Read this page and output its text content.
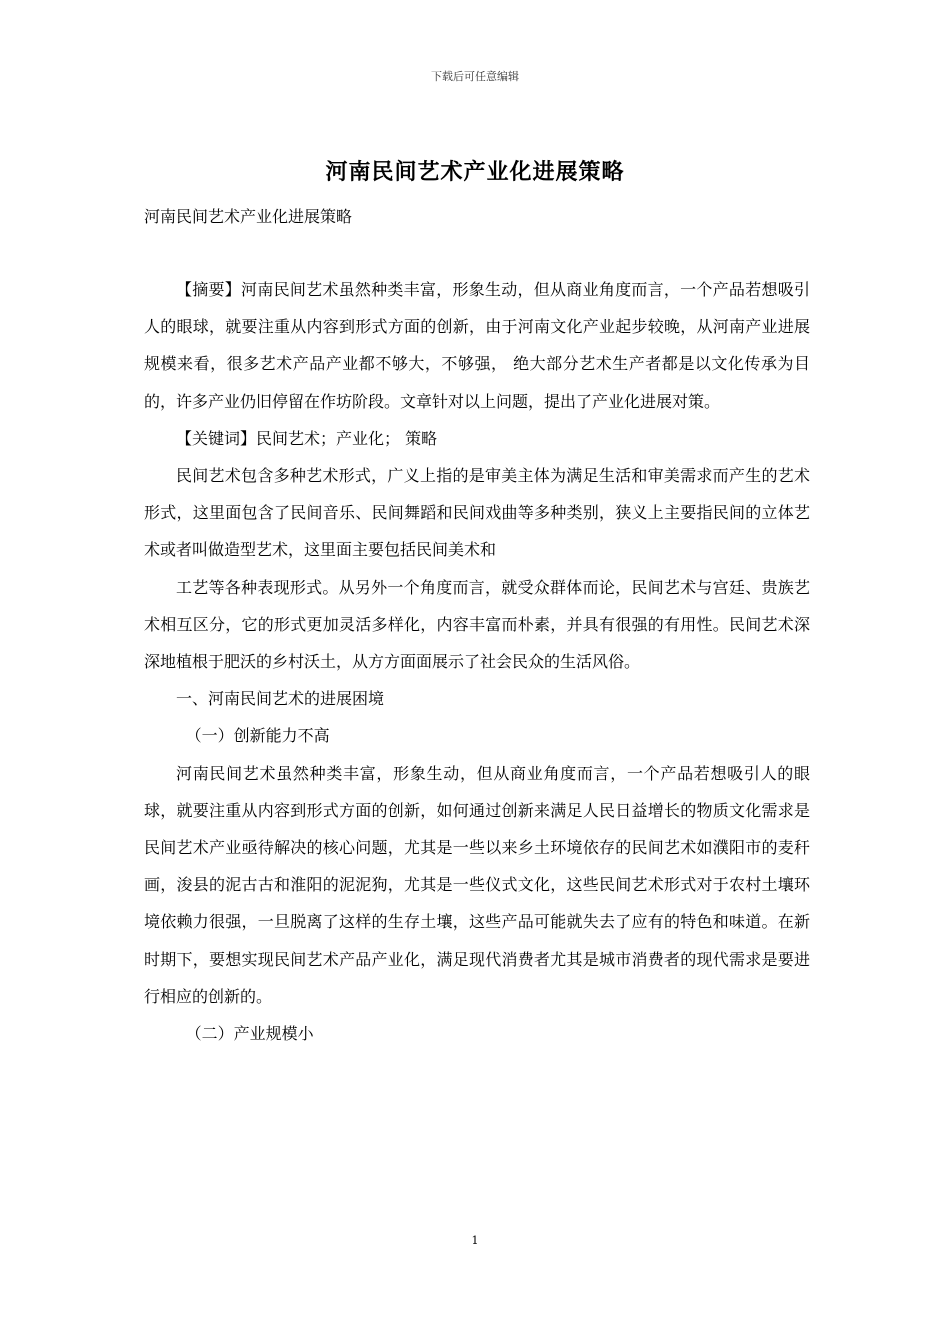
下载后可任意编辑
河南民间艺术产业化进展策略
河南民间艺术产业化进展策略

【摘要】河南民间艺术虽然种类丰富，形象生动，但从商业角度而言，一个产品若想吸引人的眼球，就要注重从内容到形式方面的创新，由于河南文化产业起步较晚，从河南产业进展规模来看，很多艺术产品产业都不够大，不够强， 绝大部分艺术生产者都是以文化传承为目的，许多产业仍旧停留在作坊阶段。文章针对以上问题，提出了产业化进展对策。

【关键词】民间艺术；产业化； 策略

民间艺术包含多种艺术形式，广义上指的是审美主体为满足生活和审美需求而产生的艺术形式，这里面包含了民间音乐、民间舞蹈和民间戏曲等多种类别，狭义上主要指民间的立体艺术或者叫做造型艺术，这里面主要包括民间美术和

工艺等各种表现形式。从另外一个角度而言，就受众群体而论，民间艺术与宫廷、贵族艺术相互区分，它的形式更加灵活多样化，内容丰富而朴素，并具有很强的有用性。民间艺术深深地植根于肥沃的乡村沃土，从方方面面展示了社会民众的生活风俗。

一、河南民间艺术的进展困境

（一）创新能力不高

河南民间艺术虽然种类丰富，形象生动，但从商业角度而言，一个产品若想吸引人的眼球，就要注重从内容到形式方面的创新，如何通过创新来满足人民日益增长的物质文化需求是民间艺术产业亟待解决的核心问题，尤其是一些以来乡土环境依存的民间艺术如濮阳市的麦秆画，浚县的泥古古和淮阳的泥泥狗，尤其是一些仪式文化，这些民间艺术形式对于农村土壤环境依赖力很强，一旦脱离了这样的生存土壤，这些产品可能就失去了应有的特色和味道。在新时期下，要想实现民间艺术产品产业化，满足现代消费者尤其是城市消费者的现代需求是要进行相应的创新的。

（二）产业规模小

1
